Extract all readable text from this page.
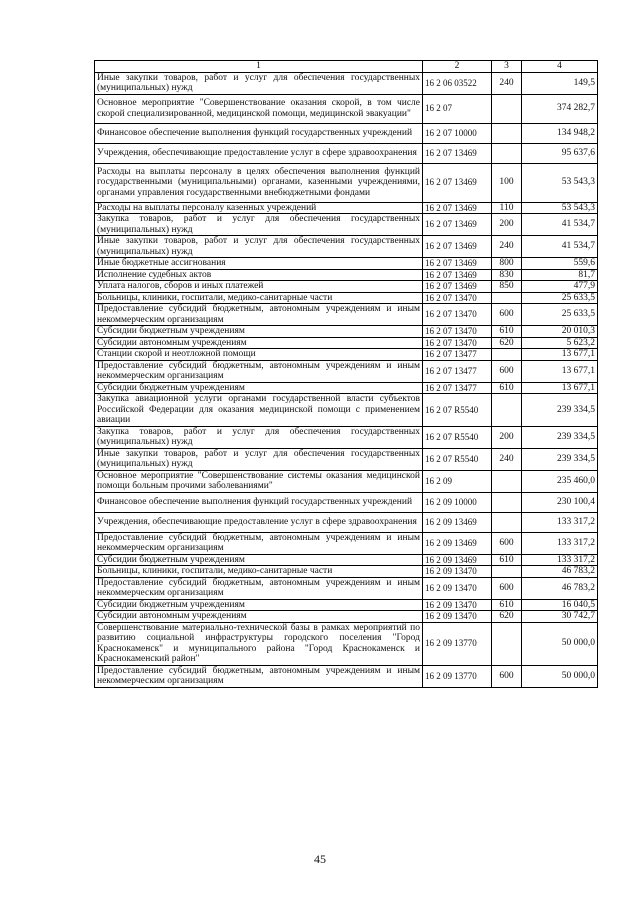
1	2	3	4
Иные закупки товаров, работ и услуг для обеспечения государственных (муниципальных) нужд	16 2 06 03522	240	149,5
Основное мероприятие "Совершенствование оказания скорой, в том числе скорой специализированной, медицинской помощи, медицинской эвакуации"	16 2 07		374 282,7
Финансовое обеспечение выполнения функций государственных учреждений	16 2 07 10000		134 948,2
Учреждения, обеспечивающие предоставление услуг в сфере здравоохранения	16 2 07 13469		95 637,6
Расходы на выплаты персоналу в целях обеспечения выполнения функций государственными (муниципальными) органами, казенными учреждениями, органами управления государственными внебюджетными фондами	16 2 07 13469	100	53 543,3
Расходы на выплаты персоналу казенных учреждений	16 2 07 13469	110	53 543,3
Закупка товаров, работ и услуг для обеспечения государственных (муниципальных) нужд	16 2 07 13469	200	41 534,7
Иные закупки товаров, работ и услуг для обеспечения государственных (муниципальных) нужд	16 2 07 13469	240	41 534,7
Иные бюджетные ассигнования	16 2 07 13469	800	559,6
Исполнение судебных актов	16 2 07 13469	830	81,7
Уплата налогов, сборов и иных платежей	16 2 07 13469	850	477,9
Больницы, клиники, госпитали, медико-санитарные части	16 2 07 13470		25 633,5
Предоставление субсидий бюджетным, автономным учреждениям и иным некоммерческим организациям	16 2 07 13470	600	25 633,5
Субсидии бюджетным учреждениям	16 2 07 13470	610	20 010,3
Субсидии автономным учреждениям	16 2 07 13470	620	5 623,2
Станции скорой и неотложной помощи	16 2 07 13477		13 677,1
Предоставление субсидий бюджетным, автономным учреждениям и иным некоммерческим организациям	16 2 07 13477	600	13 677,1
Субсидии бюджетным учреждениям	16 2 07 13477	610	13 677,1
Закупка авиационной услуги органами государственной власти субъектов Российской Федерации для оказания медицинской помощи с применением авиации	16 2 07 R5540		239 334,5
Закупка товаров, работ и услуг для обеспечения государственных (муниципальных) нужд	16 2 07 R5540	200	239 334,5
Иные закупки товаров, работ и услуг для обеспечения государственных (муниципальных) нужд	16 2 07 R5540	240	239 334,5
Основное мероприятие "Совершенствование системы оказания медицинской помощи больным прочими заболеваниями"	16 2 09		235 460,0
Финансовое обеспечение выполнения функций государственных учреждений	16 2 09 10000		230 100,4
Учреждения, обеспечивающие предоставление услуг в сфере здравоохранения	16 2 09 13469		133 317,2
Предоставление субсидий бюджетным, автономным учреждениям и иным некоммерческим организациям	16 2 09 13469	600	133 317,2
Субсидии бюджетным учреждениям	16 2 09 13469	610	133 317,2
Больницы, клиники, госпитали, медико-санитарные части	16 2 09 13470		46 783,2
Предоставление субсидий бюджетным, автономным учреждениям и иным некоммерческим организациям	16 2 09 13470	600	46 783,2
Субсидии бюджетным учреждениям	16 2 09 13470	610	16 040,5
Субсидии автономным учреждениям	16 2 09 13470	620	30 742,7
Совершенствование материально-технической базы в рамках мероприятий по развитию социальной инфраструктуры городского поселения "Город Краснокаменск" и муниципального района "Город Краснокаменск и Краснокаменский район"	16 2 09 13770		50 000,0
Предоставление субсидий бюджетным, автономным учреждениям и иным некоммерческим организациям	16 2 09 13770	600	50 000,0
45
